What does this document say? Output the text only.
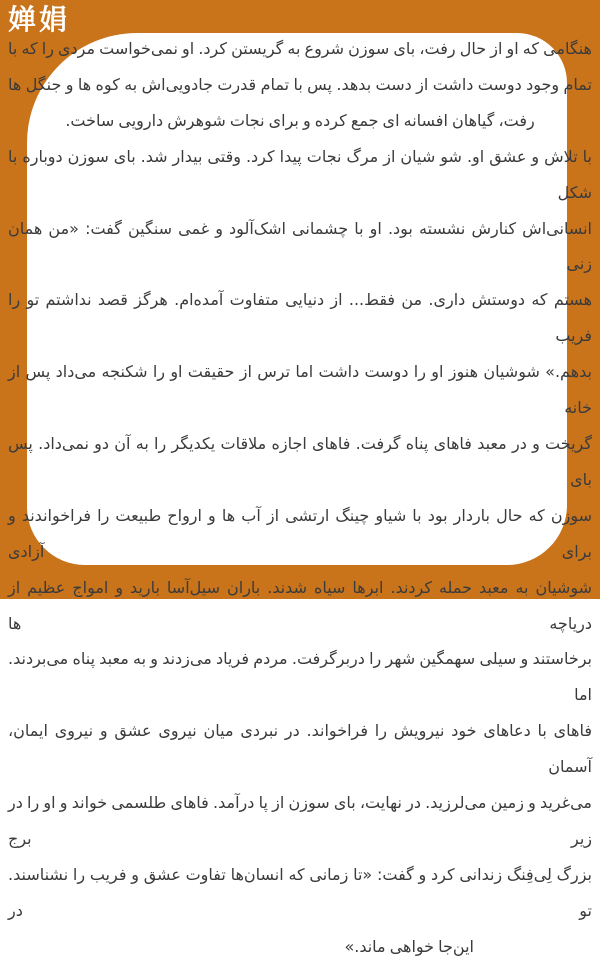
婵娟
هنگامی که او از حال رفت، بای سوزن شروع به گریستن کرد. او نمی‌خواست مردی را که با
تمام وجود دوست داشت از دست بدهد. پس با تمام قدرت جادویی‌اش به کوه ها و جنگل ها
رفت، گیاهان افسانه ای جمع کرده و برای نجات شوهرش دارویی ساخت.
با تلاش و عشق او. شو شیان از مرگ نجات پیدا کرد. وقتی بیدار شد. بای سوزن دوباره با شکل
انسانی‌اش کنارش نشسته بود. او با چشمانی اشک‌آلود و غمی سنگین گفت: «من همان زنی
هستم که دوستش داری. من فقط... از دنیایی متفاوت آمده‌ام. هرگز قصد نداشتم تو را فریب
بدهم.» شوشیان هنوز او را دوست داشت اما ترس از حقیقت او را شکنجه می‌داد پس از خانه
گریخت و در معبد فاهای پناه گرفت. فاهای اجازه ملاقات یکدیگر را به آن دو نمی‌داد. پس بای
سوزن که حال باردار بود با شیاو چینگ ارتشی از آب ها و ارواح طبیعت را فراخواندند و برای آزادی
شوشیان به معبد حمله کردند. ابرها سیاه شدند. باران سیل‌آسا بارید و امواج عظیم از دریاچه ها
برخاستند و سیلی سهمگین شهر را دربرگرفت. مردم فریاد می‌زدند و به معبد پناه می‌بردند. اما
فاهای با دعاهای خود نیرویش را فراخواند. در نبردی میان نیروی عشق و نیروی ایمان، آسمان
می‌غرید و زمین می‌لرزید. در نهایت، بای سوزن از پا درآمد. فاهای طلسمی خواند و او را در زیر برج
بزرگ لِی‌فِنگ زندانی کرد و گفت: «تا زمانی که انسان‌ها تفاوت عشق و فریب را نشناسند. تو در
این‌جا خواهی ماند.»
